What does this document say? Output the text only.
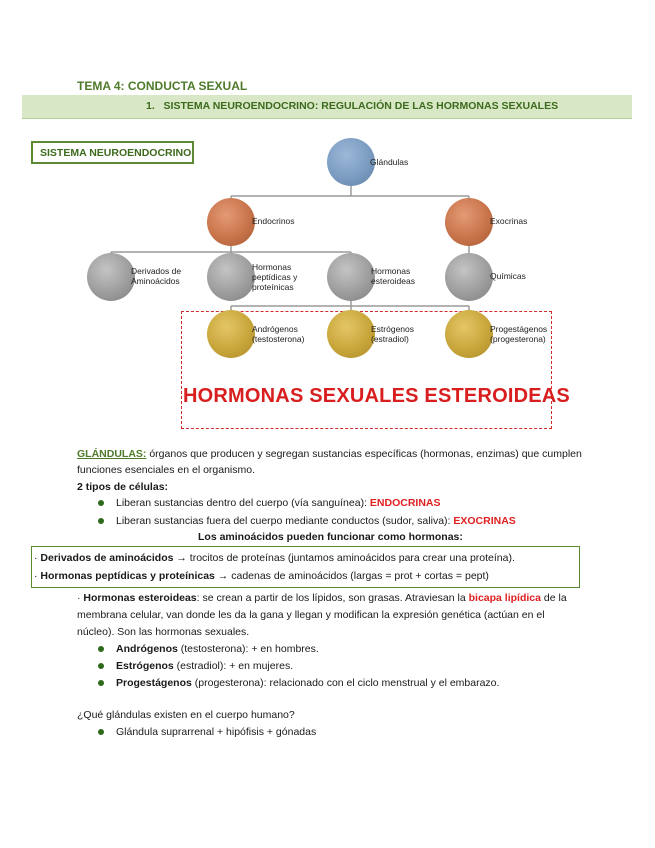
TEMA 4: CONDUCTA SEXUAL
1. SISTEMA NEUROENDOCRINO: REGULACIÓN DE LAS HORMONAS SEXUALES
SISTEMA NEUROENDOCRINO
Glándulas
Endocrinos	Exocrinas
Derivados de
Aminoácidos
Hormonas
peptídicas y
proteínicas
Hormonas
esteroideas	Químicas
Andrógenos
(testosterona)
Estrógenos
(estradiol)
Progestágenos
(progesterona)
HORMONAS SEXUALES ESTEROIDEAS
GLÁNDULAS: órganos que producen y segregan sustancias específicas (hormonas, enzimas) que cumplen
funciones esenciales en el organismo.
2 tipos de células:
Liberan sustancias dentro del cuerpo (vía sanguínea): ENDOCRINAS
Liberan sustancias fuera del cuerpo mediante conductos (sudor, saliva): EXOCRINAS
Los aminoácidos pueden funcionar como hormonas:
· Derivados de aminoácidos → trocitos de proteínas (juntamos aminoácidos para crear una proteína).
· Hormonas peptídicas y proteínicas → cadenas de aminoácidos (largas = prot + cortas = pept)
· Hormonas esteroideas: se crean a partir de los lípidos, son grasas. Atraviesan la bicapa lipídica de la
membrana celular, van donde les da la gana y llegan y modifican la expresión genética (actúan en el
núcleo). Son las hormonas sexuales.
Andrógenos (testosterona): + en hombres.
Estrógenos (estradiol): + en mujeres.
Progestágenos (progesterona): relacionado con el ciclo menstrual y el embarazo.
¿Qué glándulas existen en el cuerpo humano?
Glándula suprarrenal + hipófisis + gónadas
